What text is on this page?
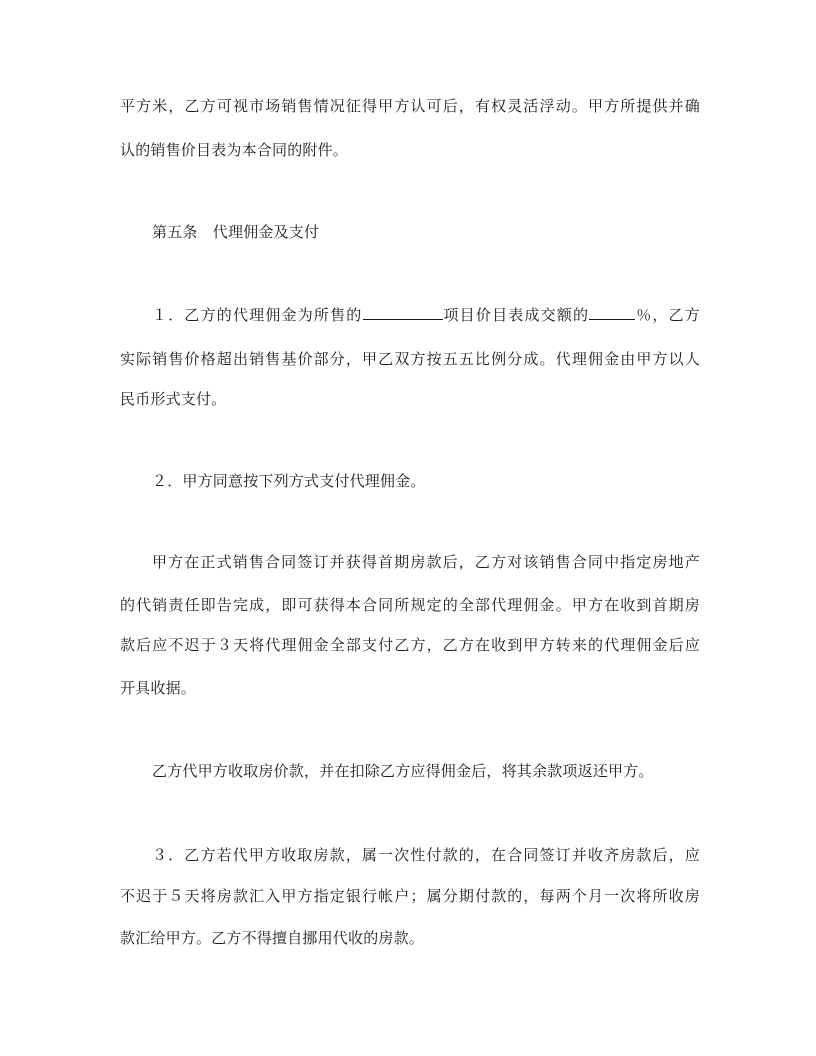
平方米，乙方可视市场销售情况征得甲方认可后，有权灵活浮动。甲方所提供并确
认的销售价目表为本合同的附件。
第五条　代理佣金及支付
１．乙方的代理佣金为所售的	项目价目表成交额的	％，乙方
实际销售价格超出销售基价部分，甲乙双方按五五比例分成。代理佣金由甲方以人
民币形式支付。
２．甲方同意按下列方式支付代理佣金。
甲方在正式销售合同签订并获得首期房款后，乙方对该销售合同中指定房地产
的代销责任即告完成，即可获得本合同所规定的全部代理佣金。甲方在收到首期房
款后应不迟于３天将代理佣金全部支付乙方，乙方在收到甲方转来的代理佣金后应
开具收据。
乙方代甲方收取房价款，并在扣除乙方应得佣金后，将其余款项返还甲方。
３．乙方若代甲方收取房款，属一次性付款的，在合同签订并收齐房款后，应
不迟于５天将房款汇入甲方指定银行帐户；属分期付款的，每两个月一次将所收房
款汇给甲方。乙方不得擅自挪用代收的房款。
